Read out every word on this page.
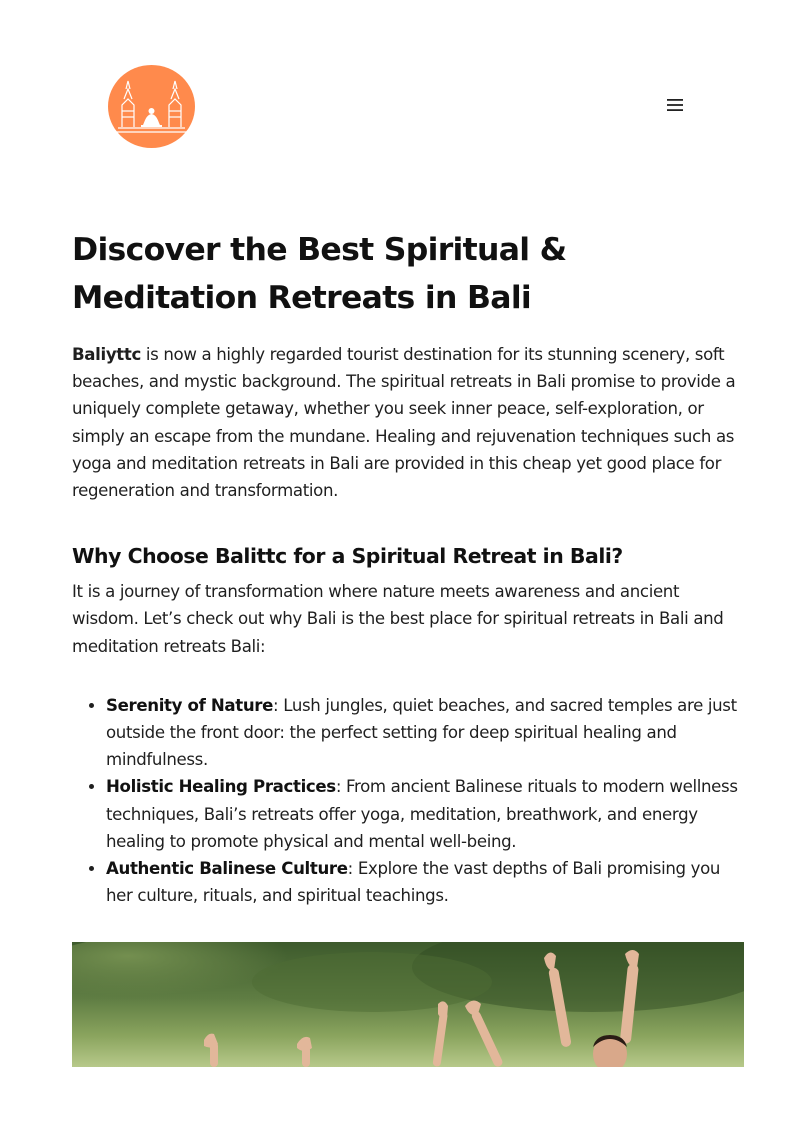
Discover the Best Spiritual & Meditation Retreats in Bali

Baliyttc is now a highly regarded tourist destination for its stunning scenery, soft beaches, and mystic background. The spiritual retreats in Bali promise to provide a uniquely complete getaway, whether you seek inner peace, self-exploration, or simply an escape from the mundane. Healing and rejuvenation techniques such as yoga and meditation retreats in Bali are provided in this cheap yet good place for regeneration and transformation.

Why Choose Balittc for a Spiritual Retreat in Bali?

It is a journey of transformation where nature meets awareness and ancient wisdom. Let’s check out why Bali is the best place for spiritual retreats in Bali and meditation retreats Bali:

• Serenity of Nature: Lush jungles, quiet beaches, and sacred temples are just outside the front door: the perfect setting for deep spiritual healing and mindfulness.
• Holistic Healing Practices: From ancient Balinese rituals to modern wellness techniques, Bali’s retreats offer yoga, meditation, breathwork, and energy healing to promote physical and mental well-being.
• Authentic Balinese Culture: Explore the vast depths of Bali promising you her culture, rituals, and spiritual teachings.
